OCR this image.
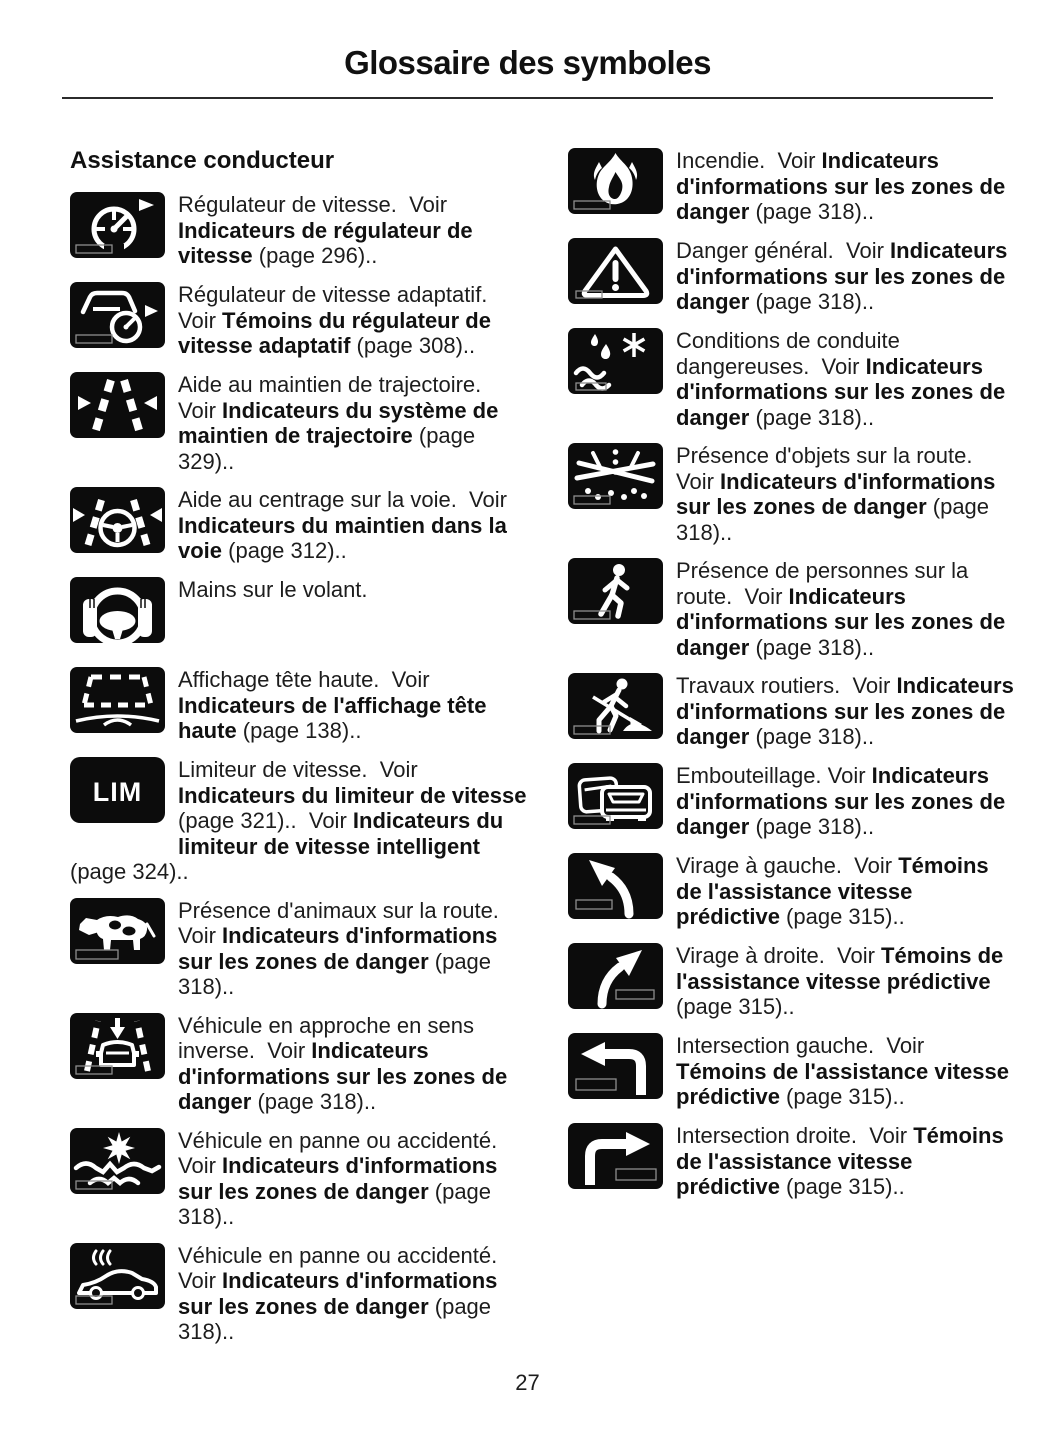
Glossaire des symboles
Assistance conducteur

Régulateur de vitesse.  Voir Indicateurs de régulateur de vitesse (page 296)..

Régulateur de vitesse adaptatif.  Voir Témoins du régulateur de vitesse adaptatif (page 308)..

Aide au maintien de trajectoire.  Voir Indicateurs du système de maintien de trajectoire (page 329)..

Aide au centrage sur la voie.  Voir Indicateurs du maintien dans la voie (page 312)..

Mains sur le volant.

Affichage tête haute.  Voir Indicateurs de l'affichage tête haute (page 138)..

LIM

Limiteur de vitesse.  Voir Indicateurs du limiteur de vitesse (page 321)..  Voir Indicateurs du limiteur de vitesse intelligent (page 324)..

Présence d'animaux sur la route.  Voir Indicateurs d'informations sur les zones de danger (page 318)..

Véhicule en approche en sens inverse.  Voir Indicateurs d'informations sur les zones de danger (page 318)..

Véhicule en panne ou accidenté.  Voir Indicateurs d'informations sur les zones de danger (page 318)..

Véhicule en panne ou accidenté.  Voir Indicateurs d'informations sur les zones de danger (page 318)..

Incendie.  Voir Indicateurs d'informations sur les zones de danger (page 318)..

Danger général.  Voir Indicateurs d'informations sur les zones de danger (page 318)..

Conditions de conduite dangereuses.  Voir Indicateurs d'informations sur les zones de danger (page 318)..

Présence d'objets sur la route.  Voir Indicateurs d'informations sur les zones de danger (page 318)..

Présence de personnes sur la route.  Voir Indicateurs d'informations sur les zones de danger (page 318)..

Travaux routiers.  Voir Indicateurs d'informations sur les zones de danger (page 318)..

Embouteillage. Voir Indicateurs d'informations sur les zones de danger (page 318)..

Virage à gauche.  Voir Témoins de l'assistance vitesse prédictive (page 315)..

Virage à droite.  Voir Témoins de l'assistance vitesse prédictive (page 315)..

Intersection gauche.  Voir Témoins de l'assistance vitesse prédictive (page 315)..

Intersection droite.  Voir Témoins de l'assistance vitesse prédictive (page 315)..

27
